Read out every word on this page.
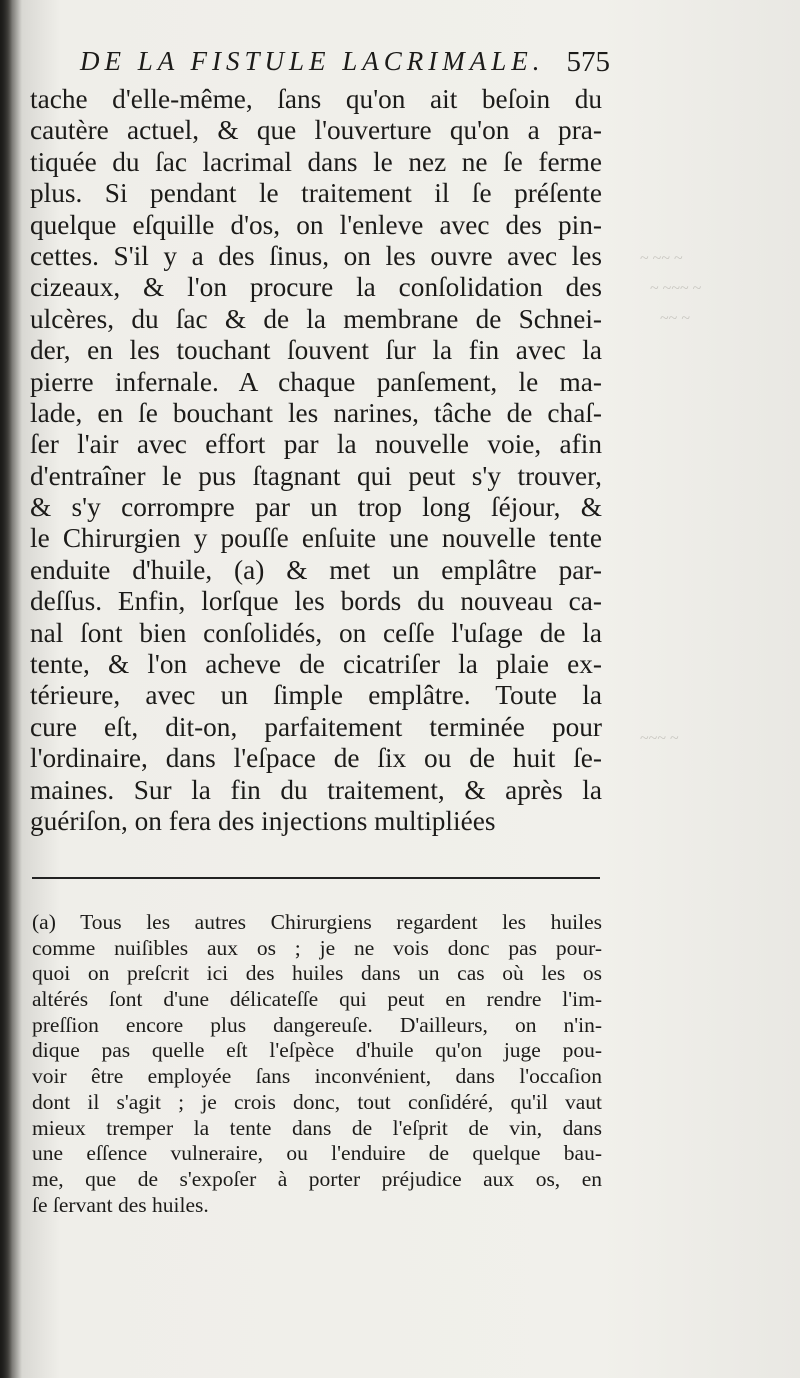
DE LA FISTULE LACRIMALE. 575
tache d'elle-même, ſans qu'on ait beſoin du
cautère actuel, & que l'ouverture qu'on a pra-
tiquée du ſac lacrimal dans le nez ne ſe ferme
plus. Si pendant le traitement il ſe préſente
quelque eſquille d'os, on l'enleve avec des pin-
cettes. S'il y a des ſinus, on les ouvre avec les
cizeaux, & l'on procure la conſolidation des
ulcères, du ſac & de la membrane de Schnei-
der, en les touchant ſouvent ſur la fin avec la
pierre infernale. A chaque panſement, le ma-
lade, en ſe bouchant les narines, tâche de chaſ-
ſer l'air avec effort par la nouvelle voie, afin
d'entraîner le pus ſtagnant qui peut s'y trouver,
& s'y corrompre par un trop long ſéjour, &
le Chirurgien y pouſſe enſuite une nouvelle tente
enduite d'huile, (a) & met un emplâtre par-
deſſus. Enfin, lorſque les bords du nouveau ca-
nal ſont bien conſolidés, on ceſſe l'uſage de la
tente, & l'on acheve de cicatriſer la plaie ex-
térieure, avec un ſimple emplâtre. Toute la
cure eſt, dit-on, parfaitement terminée pour
l'ordinaire, dans l'eſpace de ſix ou de huit ſe-
maines. Sur la fin du traitement, & après la
guériſon, on fera des injections multipliées
(a) Tous les autres Chirurgiens regardent les huiles
comme nuiſibles aux os ; je ne vois donc pas pour-
quoi on preſcrit ici des huiles dans un cas où les os
altérés ſont d'une délicateſſe qui peut en rendre l'im-
preſſion encore plus dangereuſe. D'ailleurs, on n'in-
dique pas quelle eſt l'eſpèce d'huile qu'on juge pou-
voir être employée ſans inconvénient, dans l'occaſion
dont il s'agit ; je crois donc, tout conſidéré, qu'il vaut
mieux tremper la tente dans de l'eſprit de vin, dans
une eſſence vulneraire, ou l'enduire de quelque bau-
me, que de s'expoſer à porter préjudice aux os, en
ſe ſervant des huiles.
~ ~~ ~
~ ~~~ ~
~~ ~
~~~ ~
